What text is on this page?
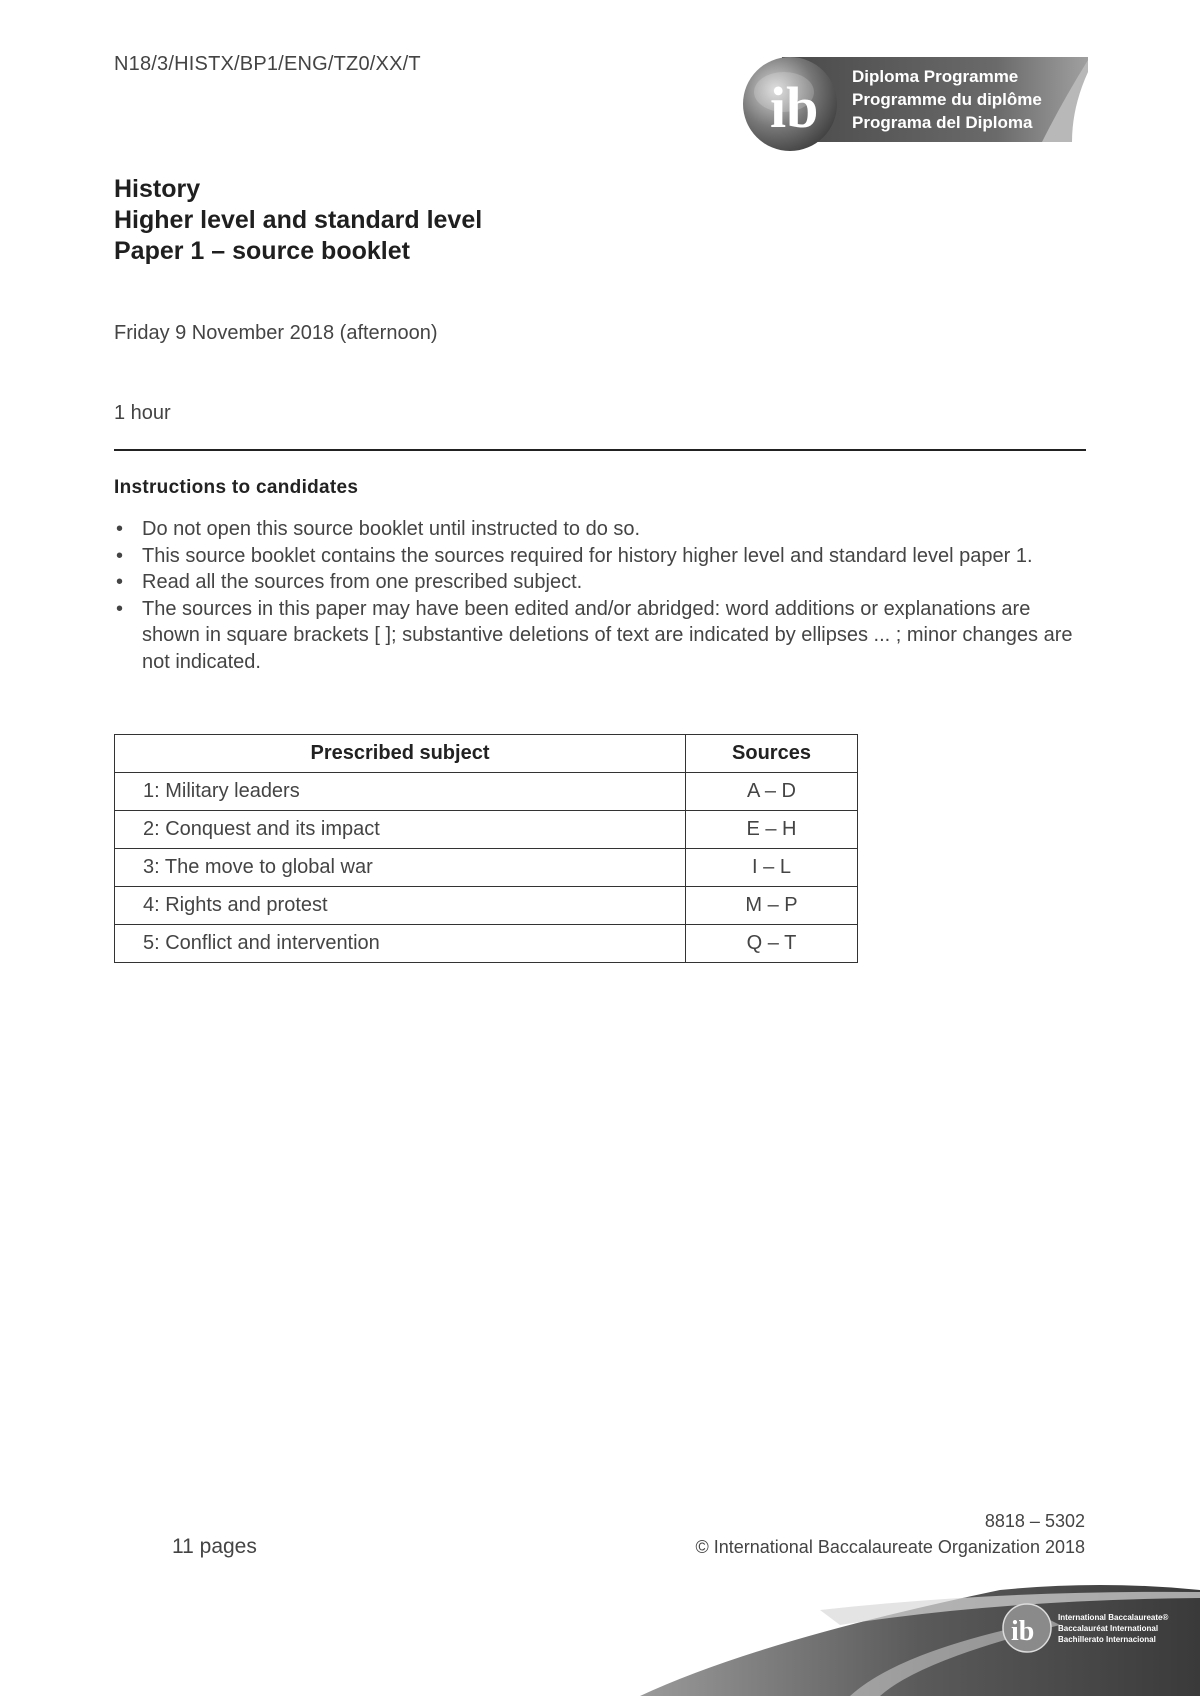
N18/3/HISTX/BP1/ENG/TZ0/XX/T
ib Diploma Programme
Programme du diplôme
Programa del Diploma
History
Higher level and standard level
Paper 1 – source booklet
Friday 9 November 2018 (afternoon)
1 hour
Instructions to candidates
• Do not open this source booklet until instructed to do so.
• This source booklet contains the sources required for history higher level and standard level paper 1.
• Read all the sources from one prescribed subject.
• The sources in this paper may have been edited and/or abridged: word additions or explanations are shown in square brackets [ ]; substantive deletions of text are indicated by ellipses ... ; minor changes are not indicated.
Prescribed subject	Sources
1: Military leaders	A – D
2: Conquest and its impact	E – H
3: The move to global war	I – L
4: Rights and protest	M – P
5: Conflict and intervention	Q – T
11 pages
8818 – 5302
© International Baccalaureate Organization 2018
ib	International Baccalaureate®
Baccalauréat International
Bachillerato Internacional
